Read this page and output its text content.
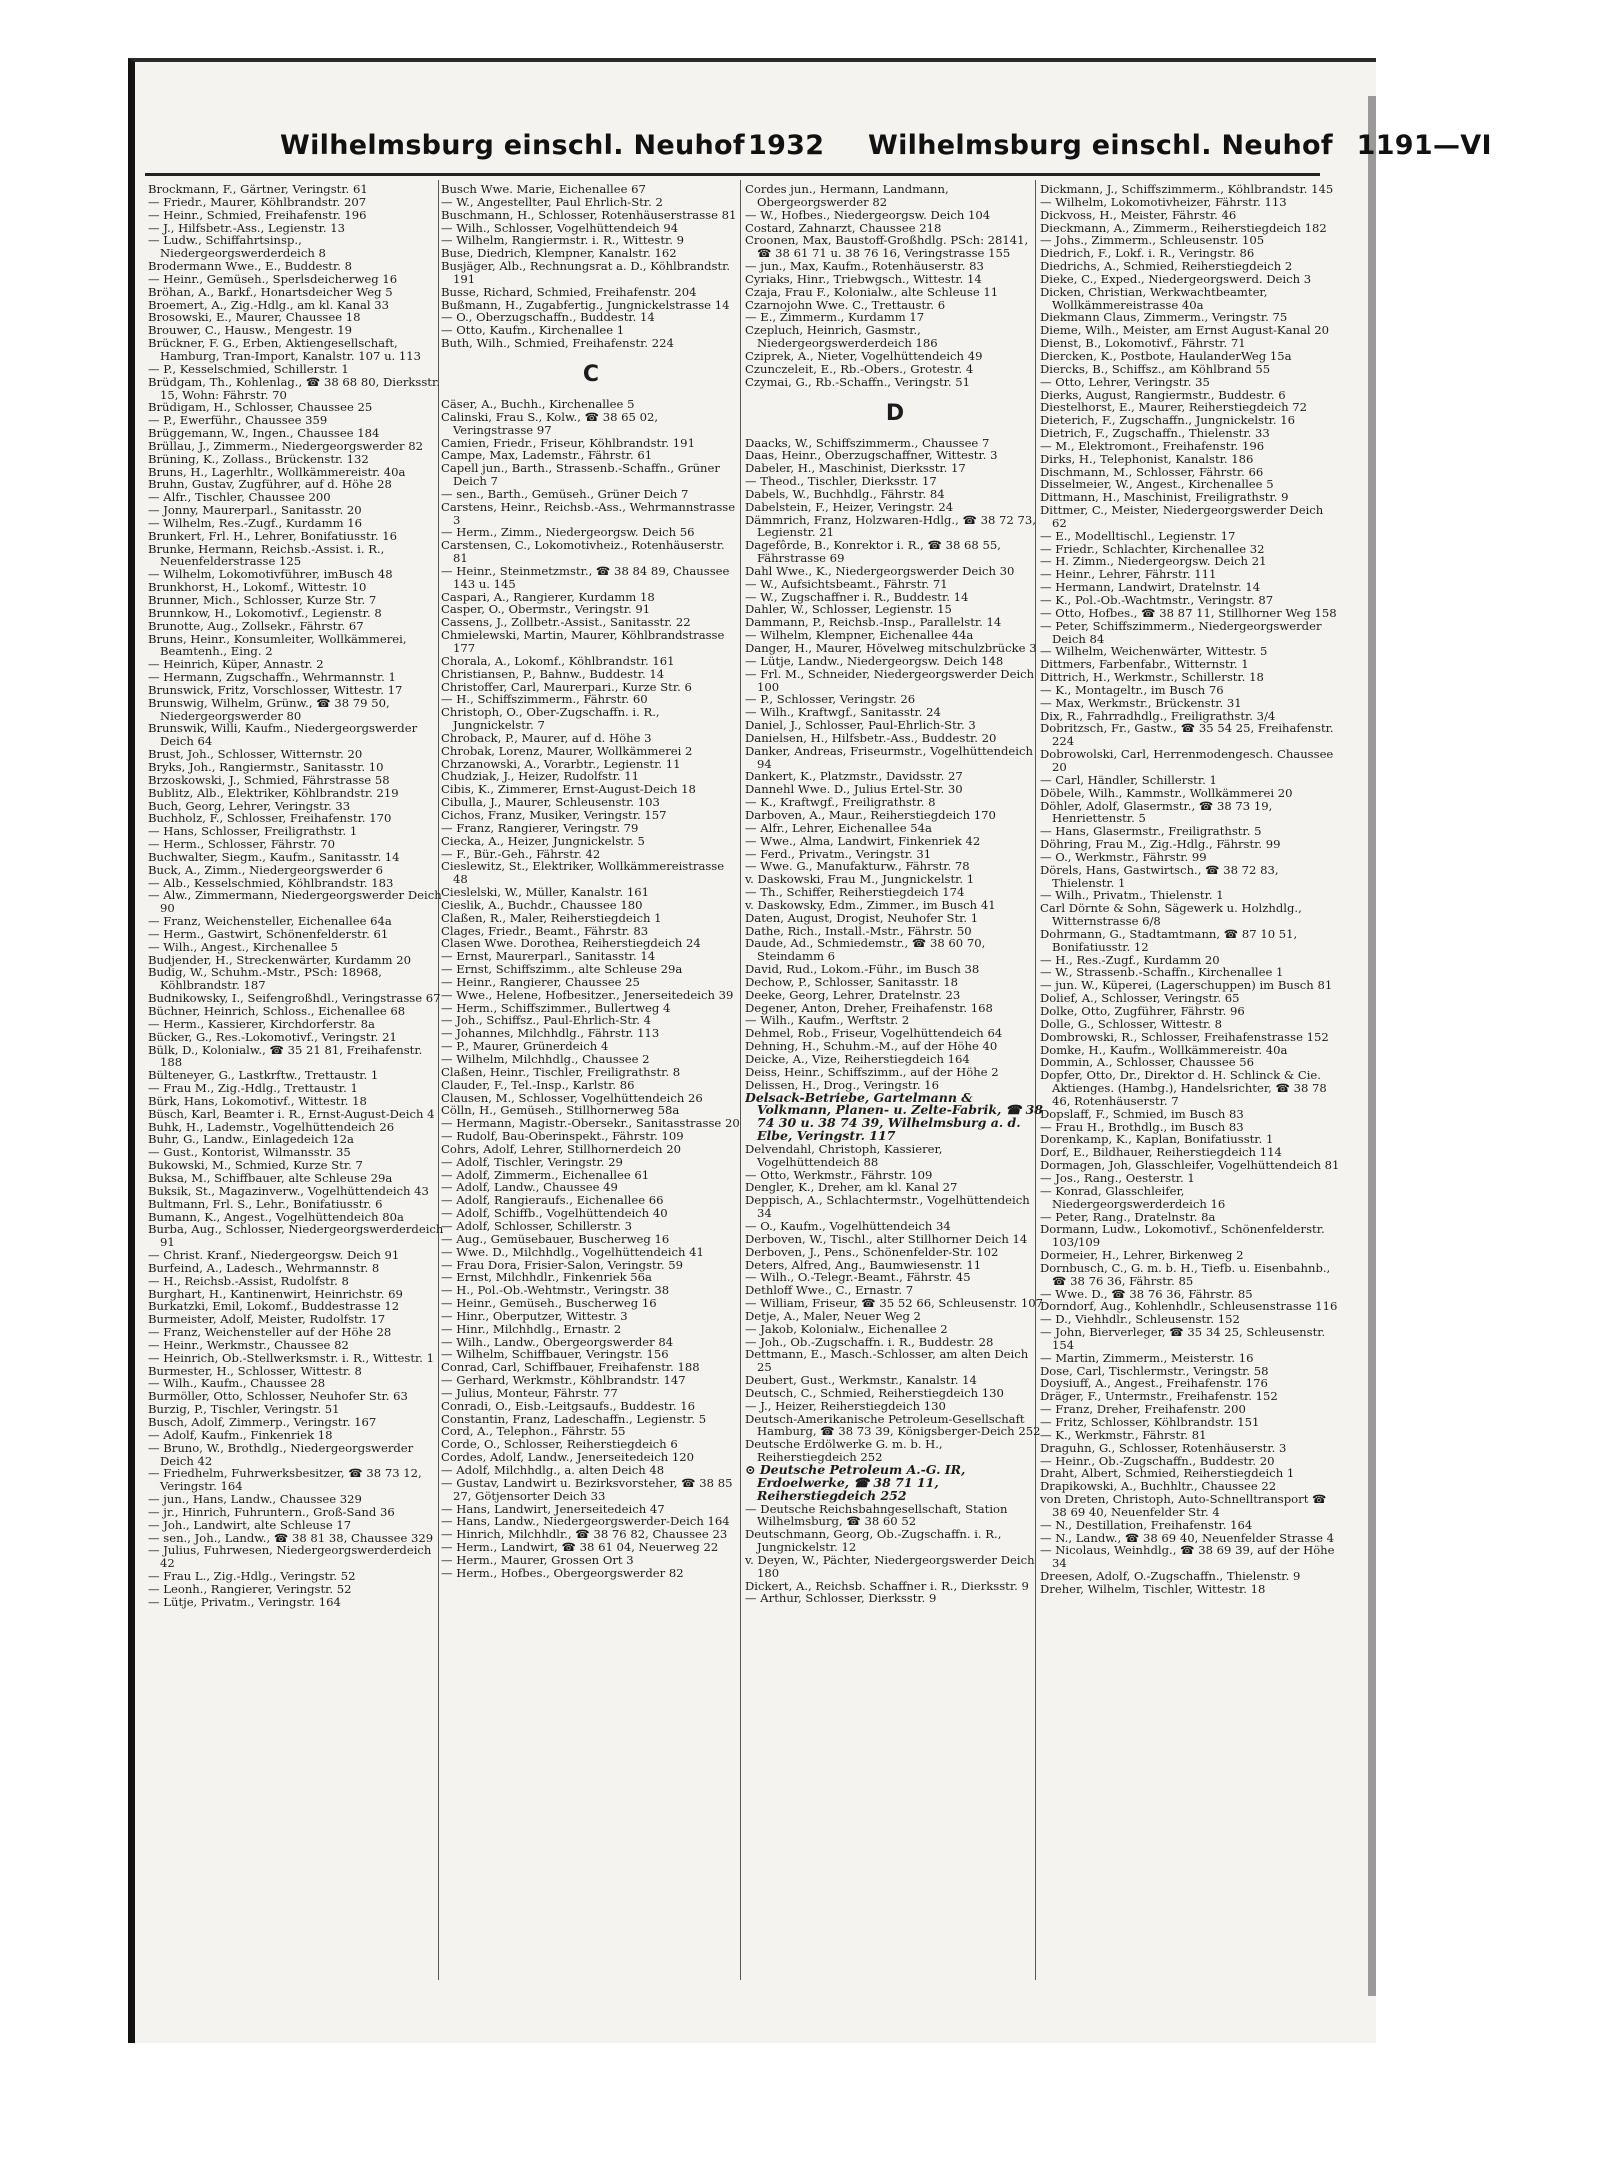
Wilhelmsburg einschl. Neuhof 1932 Wilhelmsburg einschl. Neuhof 1191—VI
Brockmann, F., Gärtner, Veringstr. 61
— Friedr., Maurer, Köhlbrandstr. 207
— Heinr., Schmied, Freihafenstr. 196
— J., Hilfsbetr.-Ass., Legienstr. 13
— Ludw., Schiffahrtsinsp., Niedergeorgswerderdeich 8
Brodermann Wwe., E., Buddestr. 8
— Heinr., Gemüseh., Sperlsdeicherweg 16
Bröhan, A., Barkf., Honartsdeicher Weg 5
Broemert, A., Zig.-Hdlg., am kl. Kanal 33
Brosowski, E., Maurer, Chaussee 18
Brouwer, C., Hausw., Mengestr. 19
Brückner, F. G., Erben, Aktiengesellschaft, Hamburg, Tran-Import, Kanalstr. 107 u. 113
— P., Kesselschmied, Schillerstr. 1
Brüdgam, Th., Kohlenlag., ☎ 38 68 80, Dierksstr. 15, Wohn: Fährstr. 70
Brüdigam, H., Schlosser, Chaussee 25
— P., Ewerführ., Chaussee 359
Brüggemann, W., Ingen., Chaussee 184
Brüllau, J., Zimmerm., Niedergeorgswerder 82
Brüning, K., Zollass., Brückenstr. 132
Bruns, H., Lagerhltr., Wollkämmereistr. 40a
Bruhn, Gustav, Zugführer, auf d. Höhe 28
— Alfr., Tischler, Chaussee 200
— Jonny, Maurerparl., Sanitasstr. 20
— Wilhelm, Res.-Zugf., Kurdamm 16
Brunkert, Frl. H., Lehrer, Bonifatiusstr. 16
Brunke, Hermann, Reichsb.-Assist. i. R., Neuenfelderstrasse 125
— Wilhelm, Lokomotivführer, imBusch 48
Brunkhorst, H., Lokomf., Wittestr. 10
Brunner, Mich., Schlosser, Kurze Str. 7
Brunnkow, H., Lokomotivf., Legienstr. 8
Brunotte, Aug., Zollsekr., Fährstr. 67
Bruns, Heinr., Konsumleiter, Wollkämmerei, Beamtenh., Eing. 2
— Heinrich, Küper, Annastr. 2
— Hermann, Zugschaffn., Wehrmannstr. 1
Brunswick, Fritz, Vorschlosser, Wittestr. 17
Brunswig, Wilhelm, Grünw., ☎ 38 79 50, Niedergeorgswerder 80
Brunswik, Willi, Kaufm., Niedergeorgswerder Deich 64
Brust, Joh., Schlosser, Witternstr. 20
Bryks, Joh., Rangiermstr., Sanitasstr. 10
Brzoskowski, J., Schmied, Fährstrasse 58
Bublitz, Alb., Elektriker, Köhlbrandstr. 219
Buch, Georg, Lehrer, Veringstr. 33
Buchholz, F., Schlosser, Freihafenstr. 170
— Hans, Schlosser, Freiligrathstr. 1
— Herm., Schlosser, Fährstr. 70
Buchwalter, Siegm., Kaufm., Sanitasstr. 14
Buck, A., Zimm., Niedergeorgswerder 6
— Alb., Kesselschmied, Köhlbrandstr. 183
— Alw., Zimmermann, Niedergeorgswerder Deich 90
— Franz, Weichensteller, Eichenallee 64a
— Herm., Gastwirt, Schönenfelderstr. 61
— Wilh., Angest., Kirchenallee 5
Budjender, H., Streckenwärter, Kurdamm 20
Budig, W., Schuhm.-Mstr., PSch: 18968, Köhlbrandstr. 187
Budnikowsky, I., Seifengroßhdl., Veringstrasse 67
Büchner, Heinrich, Schloss., Eichenallee 68
— Herm., Kassierer, Kirchdorferstr. 8a
Bücker, G., Res.-Lokomotivf., Veringstr. 21
Bülk, D., Kolonialw., ☎ 35 21 81, Freihafenstr. 188
Bülteneyer, G., Lastkrftw., Trettaustr. 1
— Frau M., Zig.-Hdlg., Trettaustr. 1
Bürk, Hans, Lokomotivf., Wittestr. 18
Büsch, Karl, Beamter i. R., Ernst-August-Deich 4
Buhk, H., Lademstr., Vogelhüttendeich 26
Buhr, G., Landw., Einlagedeich 12a
— Gust., Kontorist, Wilmansstr. 35
Bukowski, M., Schmied, Kurze Str. 7
Buksa, M., Schiffbauer, alte Schleuse 29a
Buksik, St., Magazinverw., Vogelhüttendeich 43
Bultmann, Frl. S., Lehr., Bonifatiusstr. 6
Bumann, K., Angest., Vogelhüttendeich 80a
Burba, Aug., Schlosser, Niedergeorgswerderdeich 91
— Christ. Kranf., Niedergeorgsw. Deich 91
Burfeind, A., Ladesch., Wehrmannstr. 8
— H., Reichsb.-Assist, Rudolfstr. 8
Burghart, H., Kantinenwirt, Heinrichstr. 69
Burkatzki, Emil, Lokomf., Buddestrasse 12
Burmeister, Adolf, Meister, Rudolfstr. 17
— Franz, Weichensteller auf der Höhe 28
— Heinr., Werkmstr., Chaussee 82
— Heinrich, Ob.-Stellwerksmstr. i. R., Wittestr. 1
Burmester, H., Schlosser, Wittestr. 8
— Wilh., Kaufm., Chaussee 28
Burmöller, Otto, Schlosser, Neuhofer Str. 63
Burzig, P., Tischler, Veringstr. 51
Busch, Adolf, Zimmerp., Veringstr. 167
— Adolf, Kaufm., Finkenriek 18
— Bruno, W., Brothdlg., Niedergeorgswerder Deich 42
— Friedhelm, Fuhrwerksbesitzer, ☎ 38 73 12, Veringstr. 164
— jun., Hans, Landw., Chaussee 329
— jr., Hinrich, Fuhruntern., Groß-Sand 36
— Joh., Landwirt, alte Schleuse 17
— sen., Joh., Landw., ☎ 38 81 38, Chaussee 329
— Julius, Fuhrwesen, Niedergeorgswerderdeich 42
— Frau L., Zig.-Hdlg., Veringstr. 52
— Leonh., Rangierer, Veringstr. 52
— Lütje, Privatm., Veringstr. 164
Busch Wwe. Marie, Eichenallee 67
— W., Angestellter, Paul Ehrlich-Str. 2
Buschmann, H., Schlosser, Rotenhäuserstrasse 81
— Wilh., Schlosser, Vogelhüttendeich 94
— Wilhelm, Rangiermstr. i. R., Wittestr. 9
Buse, Diedrich, Klempner, Kanalstr. 162
Busjäger, Alb., Rechnungsrat a. D., Köhlbrandstr. 191
Busse, Richard, Schmied, Freihafenstr. 204
Bußmann, H., Zugabfertig., Jungnickelstrasse 14
— O., Oberzugschaffn., Buddestr. 14
— Otto, Kaufm., Kirchenallee 1
Buth, Wilh., Schmied, Freihafenstr. 224
C
Cäser, A., Buchh., Kirchenallee 5
Calinski, Frau S., Kolw., ☎ 38 65 02, Veringstrasse 97
Camien, Friedr., Friseur, Köhlbrandstr. 191
Campe, Max, Lademstr., Fährstr. 61
Capell jun., Barth., Strassenb.-Schaffn., Grüner Deich 7
— sen., Barth., Gemüseh., Grüner Deich 7
Carstens, Heinr., Reichsb.-Ass., Wehrmannstrasse 3
— Herm., Zimm., Niedergeorgsw. Deich 56
Carstensen, C., Lokomotivheiz., Rotenhäuserstr. 81
— Heinr., Steinmetzmstr., ☎ 38 84 89, Chaussee 143 u. 145
Caspari, A., Rangierer, Kurdamm 18
Casper, O., Obermstr., Veringstr. 91
Cassens, J., Zollbetr.-Assist., Sanitasstr. 22
Chmielewski, Martin, Maurer, Köhlbrandstrasse 177
Chorala, A., Lokomf., Köhlbrandstr. 161
Christiansen, P., Bahnw., Buddestr. 14
Christoffer, Carl, Maurerpari., Kurze Str. 6
— H., Schiffszimmerm., Fährstr. 60
Christoph, O., Ober-Zugschaffn. i. R., Jungnickelstr. 7
Chroback, P., Maurer, auf d. Höhe 3
Chrobak, Lorenz, Maurer, Wollkämmerei 2
Chrzanowski, A., Vorarbtr., Legienstr. 11
Chudziak, J., Heizer, Rudolfstr. 11
Cibis, K., Zimmerer, Ernst-August-Deich 18
Cibulla, J., Maurer, Schleusenstr. 103
Cichos, Franz, Musiker, Veringstr. 157
— Franz, Rangierer, Veringstr. 79
Ciecka, A., Heizer, Jungnickelstr. 5
— F., Bür.-Geh., Fährstr. 42
Cieslewitz, St., Elektriker, Wollkämmereistrasse 48
Cieslelski, W., Müller, Kanalstr. 161
Cieslik, A., Buchdr., Chaussee 180
Claßen, R., Maler, Reiherstiegdeich 1
Clages, Friedr., Beamt., Fährstr. 83
Clasen Wwe. Dorothea, Reiherstiegdeich 24
— Ernst, Maurerparl., Sanitasstr. 14
— Ernst, Schiffszimm., alte Schleuse 29a
— Heinr., Rangierer, Chaussee 25
— Wwe., Helene, Hofbesitzer., Jenerseitedeich 39
— Herm., Schiffszimmer., Bullertweg 4
— Joh., Schiffsz., Paul-Ehrlich-Str. 4
— Johannes, Milchhdlg., Fährstr. 113
— P., Maurer, Grünerdeich 4
— Wilhelm, Milchhdlg., Chaussee 2
Claßen, Heinr., Tischler, Freiligrathstr. 8
Clauder, F., Tel.-Insp., Karlstr. 86
Clausen, M., Schlosser, Vogelhüttendeich 26
Cölln, H., Gemüseh., Stillhornerweg 58a
— Hermann, Magistr.-Obersekr., Sanitasstrasse 20
— Rudolf, Bau-Oberinspekt., Fährstr. 109
Cohrs, Adolf, Lehrer, Stillhornerdeich 20
— Adolf, Tischler, Veringstr. 29
— Adolf, Zimmerm., Eichenallee 61
— Adolf, Landw., Chaussee 49
— Adolf, Rangieraufs., Eichenallee 66
— Adolf, Schiffb., Vogelhüttendeich 40
— Adolf, Schlosser, Schillerstr. 3
— Aug., Gemüsebauer, Buscherweg 16
— Wwe. D., Milchhdlg., Vogelhüttendeich 41
— Frau Dora, Frisier-Salon, Veringstr. 59
— Ernst, Milchhdlr., Finkenriek 56a
— H., Pol.-Ob.-Wehtmstr., Veringstr. 38
— Heinr., Gemüseh., Buscherweg 16
— Hinr., Oberputzer, Wittestr. 3
— Hinr., Milchhdlg., Ernastr. 2
— Wilh., Landw., Obergeorgswerder 84
— Wilhelm, Schiffbauer, Veringstr. 156
Conrad, Carl, Schiffbauer, Freihafenstr. 188
— Gerhard, Werkmstr., Köhlbrandstr. 147
— Julius, Monteur, Fährstr. 77
Conradi, O., Eisb.-Leitgsaufs., Buddestr. 16
Constantin, Franz, Ladeschaffn., Legienstr. 5
Cord, A., Telephon., Fährstr. 55
Corde, O., Schlosser, Reiherstiegdeich 6
Cordes, Adolf, Landw., Jenerseitedeich 120
— Adolf, Milchhdlg., a. alten Deich 48
— Gustav, Landwirt u. Bezirksvorsteher, ☎ 38 85 27, Götjensorter Deich 33
— Hans, Landwirt, Jenerseitedeich 47
— Hans, Landw., Niedergeorgswerder-Deich 164
— Hinrich, Milchhdlr., ☎ 38 76 82, Chaussee 23
— Herm., Landwirt, ☎ 38 61 04, Neuerweg 22
— Herm., Maurer, Grossen Ort 3
— Herm., Hofbes., Obergeorgswerder 82
Cordes jun., Hermann, Landmann, Obergeorgswerder 82
— W., Hofbes., Niedergeorgsw. Deich 104
Costard, Zahnarzt, Chaussee 218
Croonen, Max, Baustoff-Großhdlg. PSch: 28141, ☎ 38 61 71 u. 38 76 16, Veringstrasse 155
— jun., Max, Kaufm., Rotenhäuserstr. 83
Cyriaks, Hinr., Triebwgsch., Wittestr. 14
Czaja, Frau F., Kolonialw., alte Schleuse 11
Czarnojohn Wwe. C., Trettaustr. 6
— E., Zimmerm., Kurdamm 17
Czepluch, Heinrich, Gasmstr., Niedergeorgswerderdeich 186
Cziprek, A., Nieter, Vogelhüttendeich 49
Czunczeleit, E., Rb.-Obers., Grotestr. 4
Czymai, G., Rb.-Schaffn., Veringstr. 51
D
Daacks, W., Schiffszimmerm., Chaussee 7
Daas, Heinr., Oberzugschaffner, Wittestr. 3
Dabeler, H., Maschinist, Dierksstr. 17
— Theod., Tischler, Dierksstr. 17
Dabels, W., Buchhdlg., Fährstr. 84
Dabelstein, F., Heizer, Veringstr. 24
Dämmrich, Franz, Holzwaren-Hdlg., ☎ 38 72 73, Legienstr. 21
Dagefôrde, B., Konrektor i. R., ☎ 38 68 55, Fährstrasse 69
Dahl Wwe., K., Niedergeorgswerder Deich 30
— W., Aufsichtsbeamt., Fährstr. 71
— W., Zugschaffner i. R., Buddestr. 14
Dahler, W., Schlosser, Legienstr. 15
Dammann, P., Reichsb.-Insp., Parallelstr. 14
— Wilhelm, Klempner, Eichenallee 44a
Danger, H., Maurer, Hövelweg mitschulzbrücke 3
— Lütje, Landw., Niedergeorgsw. Deich 148
— Frl. M., Schneider, Niedergeorgswerder Deich 100
— P., Schlosser, Veringstr. 26
— Wilh., Kraftwgf., Sanitasstr. 24
Daniel, J., Schlosser, Paul-Ehrlich-Str. 3
Danielsen, H., Hilfsbetr.-Ass., Buddestr. 20
Danker, Andreas, Friseurmstr., Vogelhüttendeich 94
Dankert, K., Platzmstr., Davidsstr. 27
Dannehl Wwe. D., Julius Ertel-Str. 30
— K., Kraftwgf., Freiligrathstr. 8
Darboven, A., Maur., Reiherstiegdeich 170
— Alfr., Lehrer, Eichenallee 54a
— Wwe., Alma, Landwirt, Finkenriek 42
— Ferd., Privatm., Veringstr. 31
— Wwe. G., Manufakturw., Fährstr. 78
v. Daskowski, Frau M., Jungnickelstr. 1
— Th., Schiffer, Reiherstiegdeich 174
v. Daskowsky, Edm., Zimmer., im Busch 41
Daten, August, Drogist, Neuhofer Str. 1
Dathe, Rich., Install.-Mstr., Fährstr. 50
Daude, Ad., Schmiedemstr., ☎ 38 60 70, Steindamm 6
David, Rud., Lokom.-Führ., im Busch 38
Dechow, P., Schlosser, Sanitasstr. 18
Deeke, Georg, Lehrer, Dratelnstr. 23
Degener, Anton, Dreher, Freihafenstr. 168
— Wilh., Kaufm., Werftstr. 2
Dehmel, Rob., Friseur, Vogelhüttendeich 64
Dehning, H., Schuhm.-M., auf der Höhe 40
Deicke, A., Vize, Reiherstiegdeich 164
Deiss, Heinr., Schiffszimm., auf der Höhe 2
Delissen, H., Drog., Veringstr. 16
Delsack-Betriebe, Gartelmann & Volkmann, Planen- u. Zelte-Fabrik, ☎ 38 74 30 u. 38 74 39, Wilhelmsburg a. d. Elbe, Veringstr. 117
Delvendahl, Christoph, Kassierer, Vogelhüttendeich 88
— Otto, Werkmstr., Fährstr. 109
Dengler, K., Dreher, am kl. Kanal 27
Deppisch, A., Schlachtermstr., Vogelhüttendeich 34
— O., Kaufm., Vogelhüttendeich 34
Derboven, W., Tischl., alter Stillhorner Deich 14
Derboven, J., Pens., Schönenfelder-Str. 102
Deters, Alfred, Ang., Baumwiesenstr. 11
— Wilh., O.-Telegr.-Beamt., Fährstr. 45
Dethloff Wwe., C., Ernastr. 7
— William, Friseur, ☎ 35 52 66, Schleusenstr. 107
Detje, A., Maler, Neuer Weg 2
— Jakob, Kolonialw., Eichenallee 2
— Joh., Ob.-Zugschaffn. i. R., Buddestr. 28
Dettmann, E., Masch.-Schlosser, am alten Deich 25
Deubert, Gust., Werkmstr., Kanalstr. 14
Deutsch, C., Schmied, Reiherstiegdeich 130
— J., Heizer, Reiherstiegdeich 130
Deutsch-Amerikanische Petroleum-Gesellschaft Hamburg, ☎ 38 73 39, Königsberger-Deich 252
Deutsche Erdölwerke G. m. b. H., Reiherstiegdeich 252
⊙ Deutsche Petroleum A.-G. IR, Erdoelwerke, ☎ 38 71 11, Reiherstiegdeich 252
— Deutsche Reichsbahngesellschaft, Station Wilhelmsburg, ☎ 38 60 52
Deutschmann, Georg, Ob.-Zugschaffn. i. R., Jungnickelstr. 12
v. Deyen, W., Pächter, Niedergeorgswerder Deich 180
Dickert, A., Reichsb. Schaffner i. R., Dierksstr. 9
— Arthur, Schlosser, Dierksstr. 9
Dickmann, J., Schiffszimmerm., Köhlbrandstr. 145
— Wilhelm, Lokomotivheizer, Fährstr. 113
Dickvoss, H., Meister, Fährstr. 46
Dieckmann, A., Zimmerm., Reiherstiegdeich 182
— Johs., Zimmerm., Schleusenstr. 105
Diedrich, F., Lokf. i. R., Veringstr. 86
Diedrichs, A., Schmied, Reiherstiegdeich 2
Dieke, C., Exped., Niedergeorgswerd. Deich 3
Dicken, Christian, Werkwachtbeamter, Wollkämmereistrasse 40a
Diekmann Claus, Zimmerm., Veringstr. 75
Dieme, Wilh., Meister, am Ernst August-Kanal 20
Dienst, B., Lokomotivf., Fährstr. 71
Diercken, K., Postbote, HaulanderWeg 15a
Diercks, B., Schiffsz., am Köhlbrand 55
— Otto, Lehrer, Veringstr. 35
Dierks, August, Rangiermstr., Buddestr. 6
Diestelhorst, E., Maurer, Reiherstiegdeich 72
Dieterich, F., Zugschaffn., Jungnickelstr. 16
Dietrich, F., Zugschaffn., Thielenstr. 33
— M., Elektromont., Freihafenstr. 196
Dirks, H., Telephonist, Kanalstr. 186
Dischmann, M., Schlosser, Fährstr. 66
Disselmeier, W., Angest., Kirchenallee 5
Dittmann, H., Maschinist, Freiligrathstr. 9
Dittmer, C., Meister, Niedergeorgswerder Deich 62
— E., Modelltischl., Legienstr. 17
— Friedr., Schlachter, Kirchenallee 32
— H. Zimm., Niedergeorgsw. Deich 21
— Heinr., Lehrer, Fährstr. 111
— Hermann, Landwirt, Dratelnstr. 14
— K., Pol.-Ob.-Wachtmstr., Veringstr. 87
— Otto, Hofbes., ☎ 38 87 11, Stillhorner Weg 158
— Peter, Schiffszimmerm., Niedergeorgswerder Deich 84
— Wilhelm, Weichenwärter, Wittestr. 5
Dittmers, Farbenfabr., Witternstr. 1
Dittrich, H., Werkmstr., Schillerstr. 18
— K., Montageltr., im Busch 76
— Max, Werkmstr., Brückenstr. 31
Dix, R., Fahrradhdlg., Freiligrathstr. 3/4
Dobritzsch, Fr., Gastw., ☎ 35 54 25, Freihafenstr. 224
Dobrowolski, Carl, Herrenmodengesch. Chaussee 20
— Carl, Händler, Schillerstr. 1
Döbele, Wilh., Kammstr., Wollkämmerei 20
Döhler, Adolf, Glasermstr., ☎ 38 73 19, Henriettenstr. 5
— Hans, Glasermstr., Freiligrathstr. 5
Döhring, Frau M., Zig.-Hdlg., Fährstr. 99
— O., Werkmstr., Fährstr. 99
Dörels, Hans, Gastwirtsch., ☎ 38 72 83, Thielenstr. 1
— Wilh., Privatm., Thielenstr. 1
Carl Dörnte & Sohn, Sägewerk u. Holzhdlg., Witternstrasse 6/8
Dohrmann, G., Stadtamtmann, ☎ 87 10 51, Bonifatiusstr. 12
— H., Res.-Zugf., Kurdamm 20
— W., Strassenb.-Schaffn., Kirchenallee 1
— jun. W., Küperei, (Lagerschuppen) im Busch 81
Dolief, A., Schlosser, Veringstr. 65
Dolke, Otto, Zugführer, Fährstr. 96
Dolle, G., Schlosser, Wittestr. 8
Dombrowski, R., Schlosser, Freihafenstrasse 152
Domke, H., Kaufm., Wollkämmereistr. 40a
Dommin, A., Schlosser, Chaussee 56
Dopfer, Otto, Dr., Direktor d. H. Schlinck & Cie. Aktienges. (Hambg.), Handelsrichter, ☎ 38 78 46, Rotenhäuserstr. 7
Dopslaff, F., Schmied, im Busch 83
— Frau H., Brothdlg., im Busch 83
Dorenkamp, K., Kaplan, Bonifatiusstr. 1
Dorf, E., Bildhauer, Reiherstiegdeich 114
Dormagen, Joh, Glasschleifer, Vogelhüttendeich 81
— Jos., Rang., Oesterstr. 1
— Konrad, Glasschleifer, Niedergeorgswerderdeich 16
— Peter, Rang., Dratelnstr. 8a
Dormann, Ludw., Lokomotivf., Schönenfelderstr. 103/109
Dormeier, H., Lehrer, Birkenweg 2
Dornbusch, C., G. m. b. H., Tiefb. u. Eisenbahnb., ☎ 38 76 36, Fährstr. 85
— Wwe. D., ☎ 38 76 36, Fährstr. 85
Dorndorf, Aug., Kohlenhdlr., Schleusenstrasse 116
— D., Viehhdlr., Schleusenstr. 152
— John, Bierverleger, ☎ 35 34 25, Schleusenstr. 154
— Martin, Zimmerm., Meisterstr. 16
Dose, Carl, Tischlermstr., Veringstr. 58
Doysiuff, A., Angest., Freihafenstr. 176
Dräger, F., Untermstr., Freihafenstr. 152
— Franz, Dreher, Freihafenstr. 200
— Fritz, Schlosser, Köhlbrandstr. 151
— K., Werkmstr., Fährstr. 81
Draguhn, G., Schlosser, Rotenhäuserstr. 3
— Heinr., Ob.-Zugschaffn., Buddestr. 20
Draht, Albert, Schmied, Reiherstiegdeich 1
Drapikowski, A., Buchhltr., Chaussee 22
von Dreten, Christoph, Auto-Schnelltransport ☎ 38 69 40, Neuenfelder Str. 4
— N., Destillation, Freihafenstr. 164
— N., Landw., ☎ 38 69 40, Neuenfelder Strasse 4
— Nicolaus, Weinhdlg., ☎ 38 69 39, auf der Höhe 34
Dreesen, Adolf, O.-Zugschaffn., Thielenstr. 9
Dreher, Wilhelm, Tischler, Wittestr. 18
